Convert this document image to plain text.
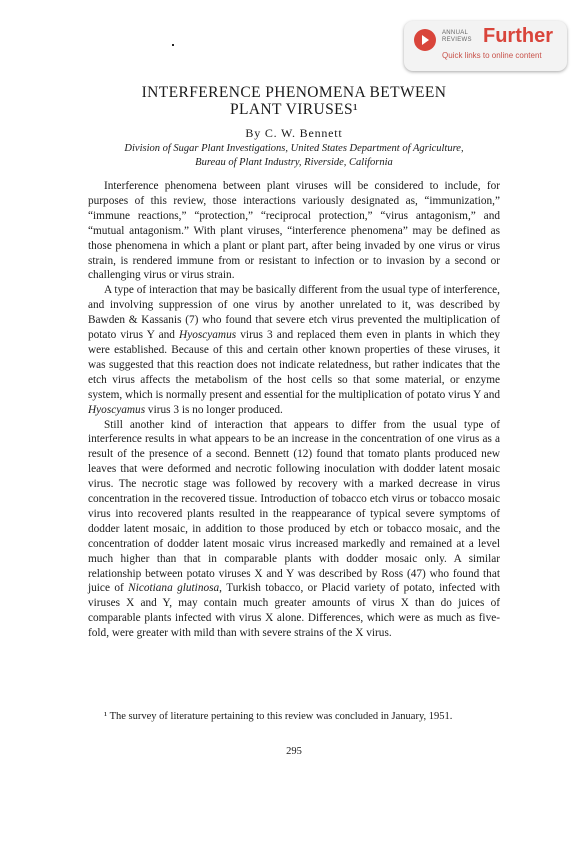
ANNUAL REVIEWS Further
Quick links to online content
INTERFERENCE PHENOMENA BETWEEN
PLANT VIRUSES¹
By C. W. Bennett
Division of Sugar Plant Investigations, United States Department of Agriculture,
Bureau of Plant Industry, Riverside, California

Interference phenomena between plant viruses will be considered to include, for purposes of this review, those interactions variously designated as, “immunization,” “immune reactions,” “protection,” “reciprocal protection,” “virus antagonism,” and “mutual antagonism.” With plant viruses, “interference phenomena” may be defined as those phenomena in which a plant or plant part, after being invaded by one virus or virus strain, is rendered immune from or resistant to infection or to invasion by a second or challenging virus or virus strain.

A type of interaction that may be basically different from the usual type of interference, and involving suppression of one virus by another unrelated to it, was described by Bawden & Kassanis (7) who found that severe etch virus prevented the multiplication of potato virus Y and Hyoscyamus virus 3 and replaced them even in plants in which they were established. Because of this and certain other known properties of these viruses, it was suggested that this reaction does not indicate relatedness, but rather indicates that the etch virus affects the metabolism of the host cells so that some material, or enzyme system, which is normally present and essential for the multiplication of potato virus Y and Hyoscyamus virus 3 is no longer produced.

Still another kind of interaction that appears to differ from the usual type of interference results in what appears to be an increase in the concentration of one virus as a result of the presence of a second. Bennett (12) found that tomato plants produced new leaves that were deformed and necrotic following inoculation with dodder latent mosaic virus. The necrotic stage was followed by recovery with a marked decrease in virus concentration in the recovered tissue. Introduction of tobacco etch virus or tobacco mosaic virus into recovered plants resulted in the reappearance of typical severe symptoms of dodder latent mosaic, in addition to those produced by etch or tobacco mosaic, and the concentration of dodder latent mosaic virus increased markedly and remained at a level much higher than that in comparable plants with dodder mosaic only. A similar relationship between potato viruses X and Y was described by Ross (47) who found that juice of Nicotiana glutinosa, Turkish tobacco, or Placid variety of potato, infected with viruses X and Y, may contain much greater amounts of virus X than do juices of comparable plants infected with virus X alone. Differences, which were as much as five-fold, were greater with mild than with severe strains of the X virus.

¹ The survey of literature pertaining to this review was concluded in January, 1951.
295
